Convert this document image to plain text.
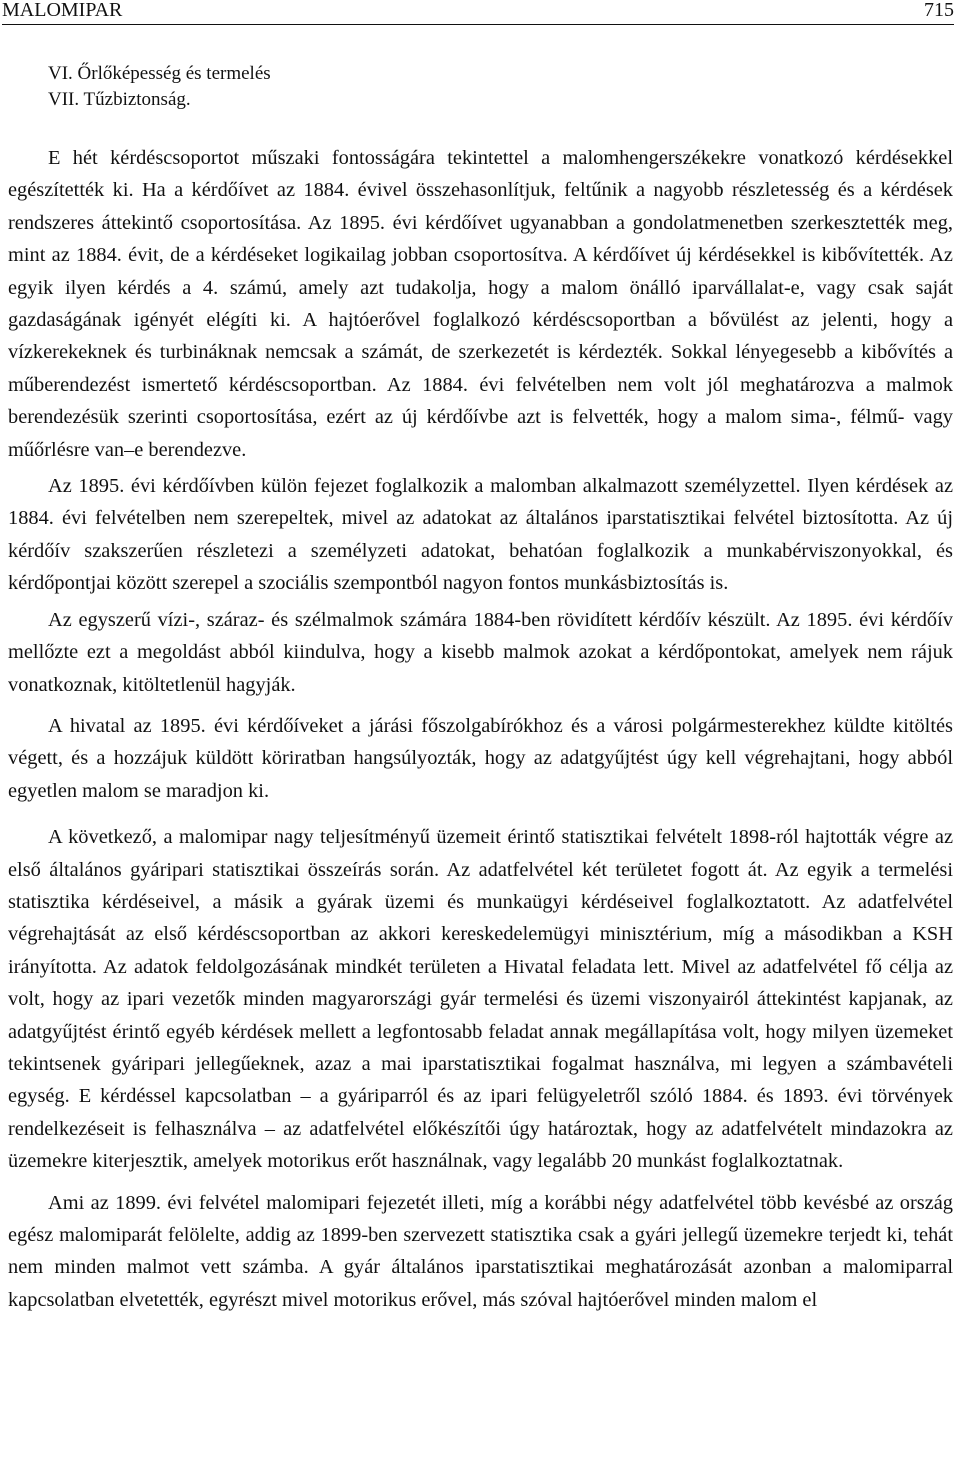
MALOMIPAR	715
VI. Őrlőképesség és termelés
VII. Tűzbiztonság.

E hét kérdéscsoportot műszaki fontosságára tekintettel a malomhengerszékekre vonatkozó kérdésekkel egészítették ki. Ha a kérdőívet az 1884. évivel összehasonlítjuk, feltűnik a nagyobb részletesség és a kérdések rendszeres áttekintő csoportosítása. Az 1895. évi kérdőívet ugyanabban a gondolatmenetben szerkesztették meg, mint az 1884. évit, de a kérdéseket logikailag jobban csoportosítva. A kérdőívet új kérdésekkel is kibővítették. Az egyik ilyen kérdés a 4. számú, amely azt tudakolja, hogy a malom önálló iparvállalat-e, vagy csak saját gazdaságának igényét elégíti ki. A hajtóerővel foglalkozó kérdéscsoportban a bővülést az jelenti, hogy a vízkerekeknek és turbináknak nemcsak a számát, de szerkezetét is kérdezték. Sokkal lényegesebb a kibővítés a műberendezést ismertető kérdéscsoportban. Az 1884. évi felvételben nem volt jól meghatározva a malmok berendezésük szerinti csoportosítása, ezért az új kérdőívbe azt is felvették, hogy a malom sima-, félmű- vagy műőrlésre van–e berendezve.

Az 1895. évi kérdőívben külön fejezet foglalkozik a malomban alkalmazott személyzettel. Ilyen kérdések az 1884. évi felvételben nem szerepeltek, mivel az adatokat az általános iparstatisztikai felvétel biztosította. Az új kérdőív szakszerűen részletezi a személyzeti adatokat, behatóan foglalkozik a munkabérviszonyokkal, és kérdőpontjai között szerepel a szociális szempontból nagyon fontos munkásbiztosítás is.

Az egyszerű vízi-, száraz- és szélmalmok számára 1884-ben rövidített kérdőív készült. Az 1895. évi kérdőív mellőzte ezt a megoldást abból kiindulva, hogy a kisebb malmok azokat a kérdőpontokat, amelyek nem rájuk vonatkoznak, kitöltetlenül hagyják.

A hivatal az 1895. évi kérdőíveket a járási főszolgabírókhoz és a városi polgármesterekhez küldte kitöltés végett, és a hozzájuk küldött köriratban hangsúlyozták, hogy az adatgyűjtést úgy kell végrehajtani, hogy abból egyetlen malom se maradjon ki.

A következő, a malomipar nagy teljesítményű üzemeit érintő statisztikai felvételt 1898-ról hajtották végre az első általános gyáripari statisztikai összeírás során. Az adatfelvétel két területet fogott át. Az egyik a termelési statisztika kérdéseivel, a másik a gyárak üzemi és munkaügyi kérdéseivel foglalkoztatott. Az adatfelvétel végrehajtását az első kérdéscsoportban az akkori kereskedelemügyi minisztérium, míg a másodikban a KSH irányította. Az adatok feldolgozásának mindkét területen a Hivatal feladata lett. Mivel az adatfelvétel fő célja az volt, hogy az ipari vezetők minden magyarországi gyár termelési és üzemi viszonyairól áttekintést kapjanak, az adatgyűjtést érintő egyéb kérdések mellett a legfontosabb feladat annak megállapítása volt, hogy milyen üzemeket tekintsenek gyáripari jellegűeknek, azaz a mai iparstatisztikai fogalmat használva, mi legyen a számbavételi egység. E kérdéssel kapcsolatban – a gyáriparról és az ipari felügyeletről szóló 1884. és 1893. évi törvények rendelkezéseit is felhasználva – az adatfelvétel előkészítői úgy határoztak, hogy az adatfelvételt mindazokra az üzemekre kiterjesztik, amelyek motorikus erőt használnak, vagy legalább 20 munkást foglalkoztatnak.

Ami az 1899. évi felvétel malomipari fejezetét illeti, míg a korábbi négy adatfelvétel több kevésbé az ország egész malomiparát felölelte, addig az 1899-ben szervezett statisztika csak a gyári jellegű üzemekre terjedt ki, tehát nem minden malmot vett számba. A gyár általános iparstatisztikai meghatározását azonban a malomiparral kapcsolatban elvetették, egyrészt mivel motorikus erővel, más szóval hajtóerővel minden malom el
